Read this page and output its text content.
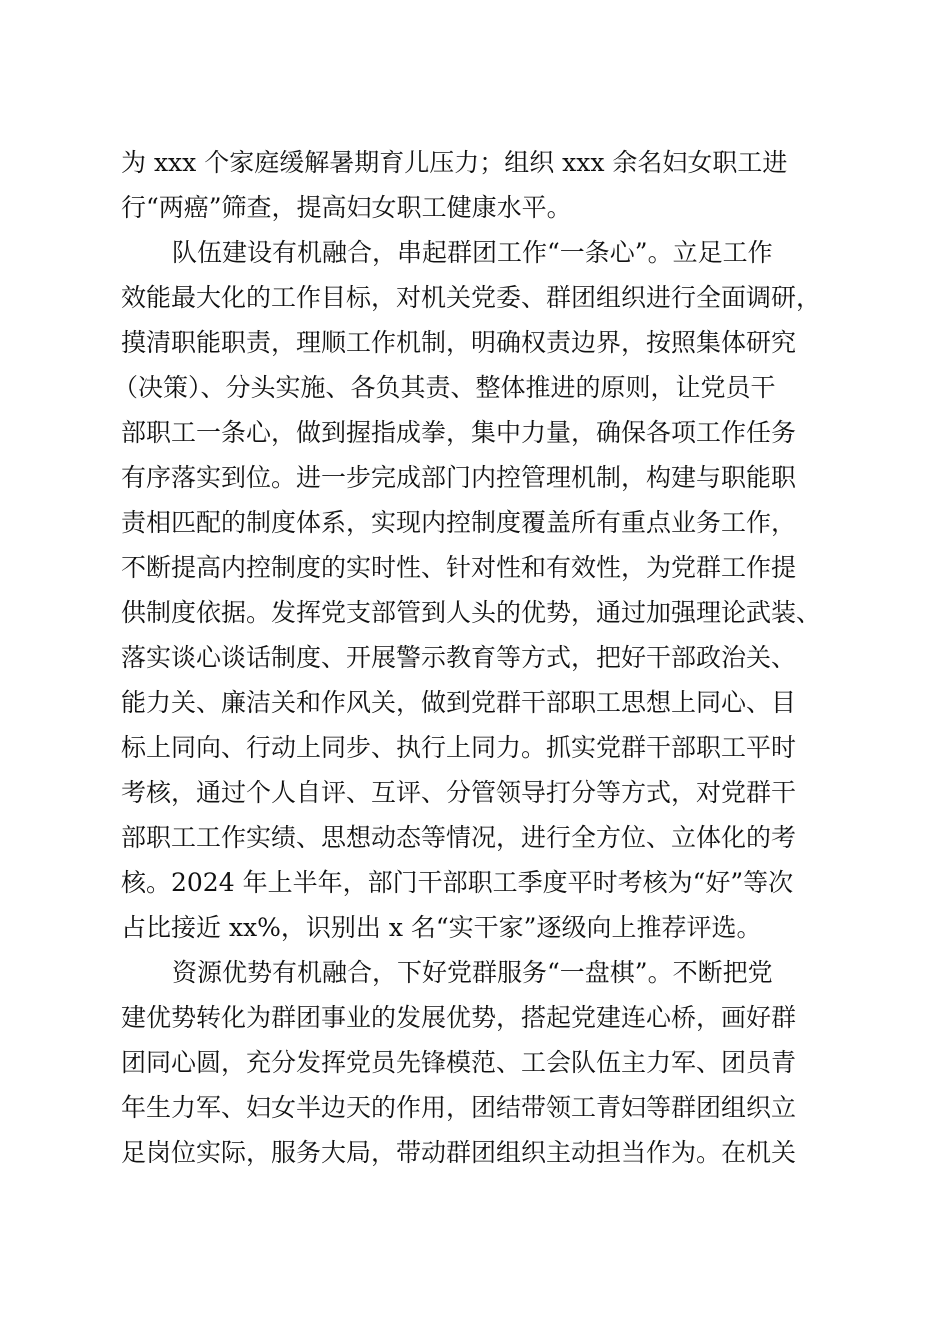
为 xxx 个家庭缓解暑期育儿压力；组织 xxx 余名妇女职工进
行“两癌”筛查，提高妇女职工健康水平。
队伍建设有机融合，串起群团工作“一条心”。立足工作
效能最大化的工作目标，对机关党委、群团组织进行全面调研，
摸清职能职责，理顺工作机制，明确权责边界，按照集体研究
（决策）、分头实施、各负其责、整体推进的原则，让党员干
部职工一条心，做到握指成拳，集中力量，确保各项工作任务
有序落实到位。进一步完成部门内控管理机制，构建与职能职
责相匹配的制度体系，实现内控制度覆盖所有重点业务工作，
不断提高内控制度的实时性、针对性和有效性，为党群工作提
供制度依据。发挥党支部管到人头的优势，通过加强理论武装、
落实谈心谈话制度、开展警示教育等方式，把好干部政治关、
能力关、廉洁关和作风关，做到党群干部职工思想上同心、目
标上同向、行动上同步、执行上同力。抓实党群干部职工平时
考核，通过个人自评、互评、分管领导打分等方式，对党群干
部职工工作实绩、思想动态等情况，进行全方位、立体化的考
核。2024 年上半年，部门干部职工季度平时考核为“好”等次
占比接近 xx%，识别出 x 名“实干家”逐级向上推荐评选。
资源优势有机融合，下好党群服务“一盘棋”。不断把党
建优势转化为群团事业的发展优势，搭起党建连心桥，画好群
团同心圆，充分发挥党员先锋模范、工会队伍主力军、团员青
年生力军、妇女半边天的作用，团结带领工青妇等群团组织立
足岗位实际，服务大局，带动群团组织主动担当作为。在机关
